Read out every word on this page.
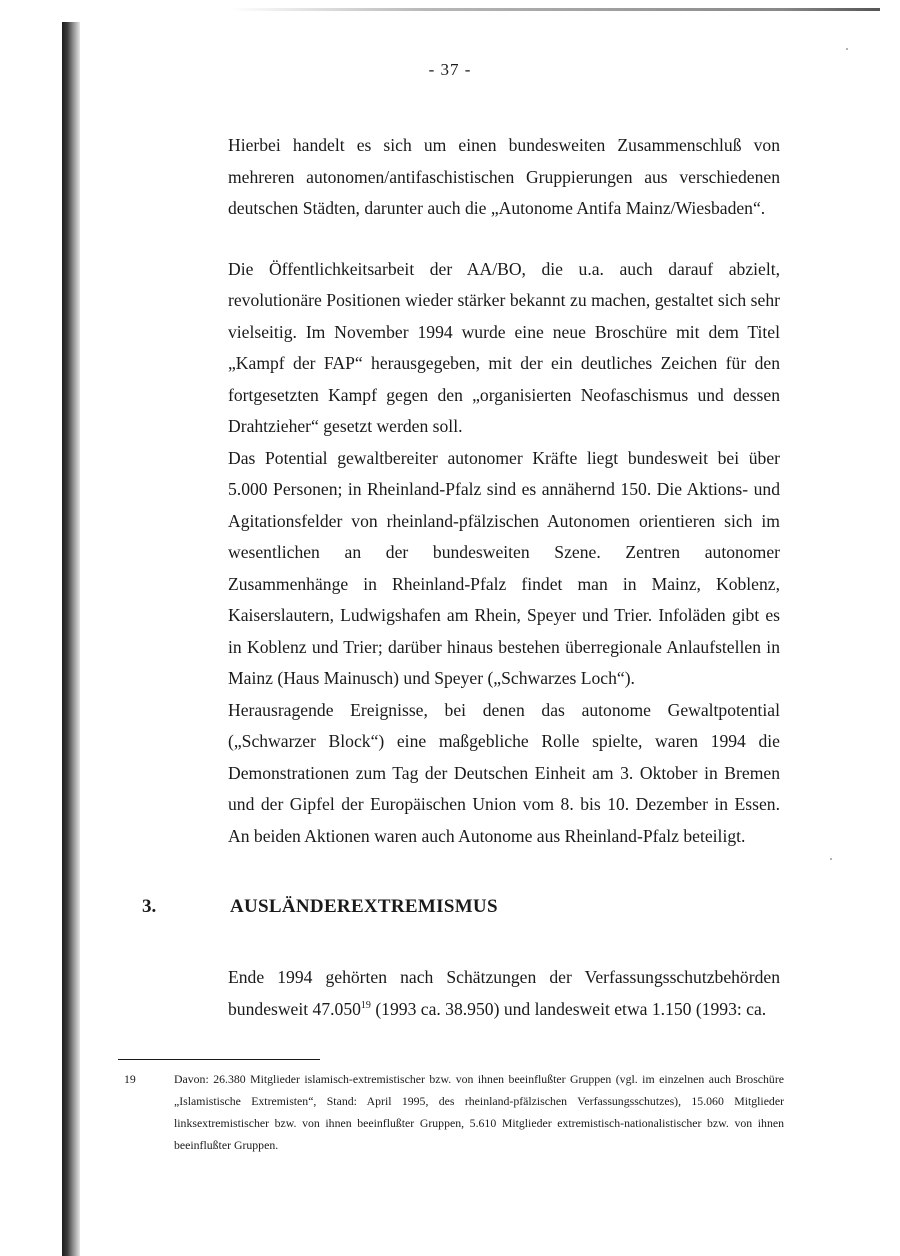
- 37 -

Hierbei handelt es sich um einen bundesweiten Zusammenschluß von mehreren autonomen/antifaschistischen Gruppierungen aus verschiedenen deutschen Städten, darunter auch die „Autonome Antifa Mainz/Wiesbaden“.

Die Öffentlichkeitsarbeit der AA/BO, die u.a. auch darauf abzielt, revolutionäre Positionen wieder stärker bekannt zu machen, gestaltet sich sehr vielseitig. Im November 1994 wurde eine neue Broschüre mit dem Titel „Kampf der FAP“ herausgegeben, mit der ein deutliches Zeichen für den fortgesetzten Kampf gegen den „organisierten Neofaschismus und dessen Drahtzieher“ gesetzt werden soll.

Das Potential gewaltbereiter autonomer Kräfte liegt bundesweit bei über 5.000 Personen; in Rheinland-Pfalz sind es annähernd 150. Die Aktions- und Agitationsfelder von rheinland-pfälzischen Autonomen orientieren sich im wesentlichen an der bundesweiten Szene. Zentren autonomer Zusammenhänge in Rheinland-Pfalz findet man in Mainz, Koblenz, Kaiserslautern, Ludwigshafen am Rhein, Speyer und Trier. Infoläden gibt es in Koblenz und Trier; darüber hinaus bestehen überregionale Anlaufstellen in Mainz (Haus Mainusch) und Speyer („Schwarzes Loch“).

Herausragende Ereignisse, bei denen das autonome Gewaltpotential („Schwarzer Block“) eine maßgebliche Rolle spielte, waren 1994 die Demonstrationen zum Tag der Deutschen Einheit am 3. Oktober in Bremen und der Gipfel der Europäischen Union vom 8. bis 10. Dezember in Essen. An beiden Aktionen waren auch Autonome aus Rheinland-Pfalz beteiligt.

3.	AUSLÄNDEREXTREMISMUS
Ende 1994 gehörten nach Schätzungen der Verfassungsschutzbehörden bundesweit 47.050$^{19}$ (1993 ca. 38.950) und landesweit etwa 1.150 (1993: ca.
19	Davon: 26.380 Mitglieder islamisch-extremistischer bzw. von ihnen beeinflußter Gruppen (vgl. im einzelnen auch Broschüre „Islamistische Extremisten“, Stand: April 1995, des rheinland-pfälzischen Verfassungsschutzes), 15.060 Mitglieder linksextremistischer bzw. von ihnen beeinflußter Gruppen, 5.610 Mitglieder extremistisch-nationalistischer bzw. von ihnen beeinflußter Gruppen.
